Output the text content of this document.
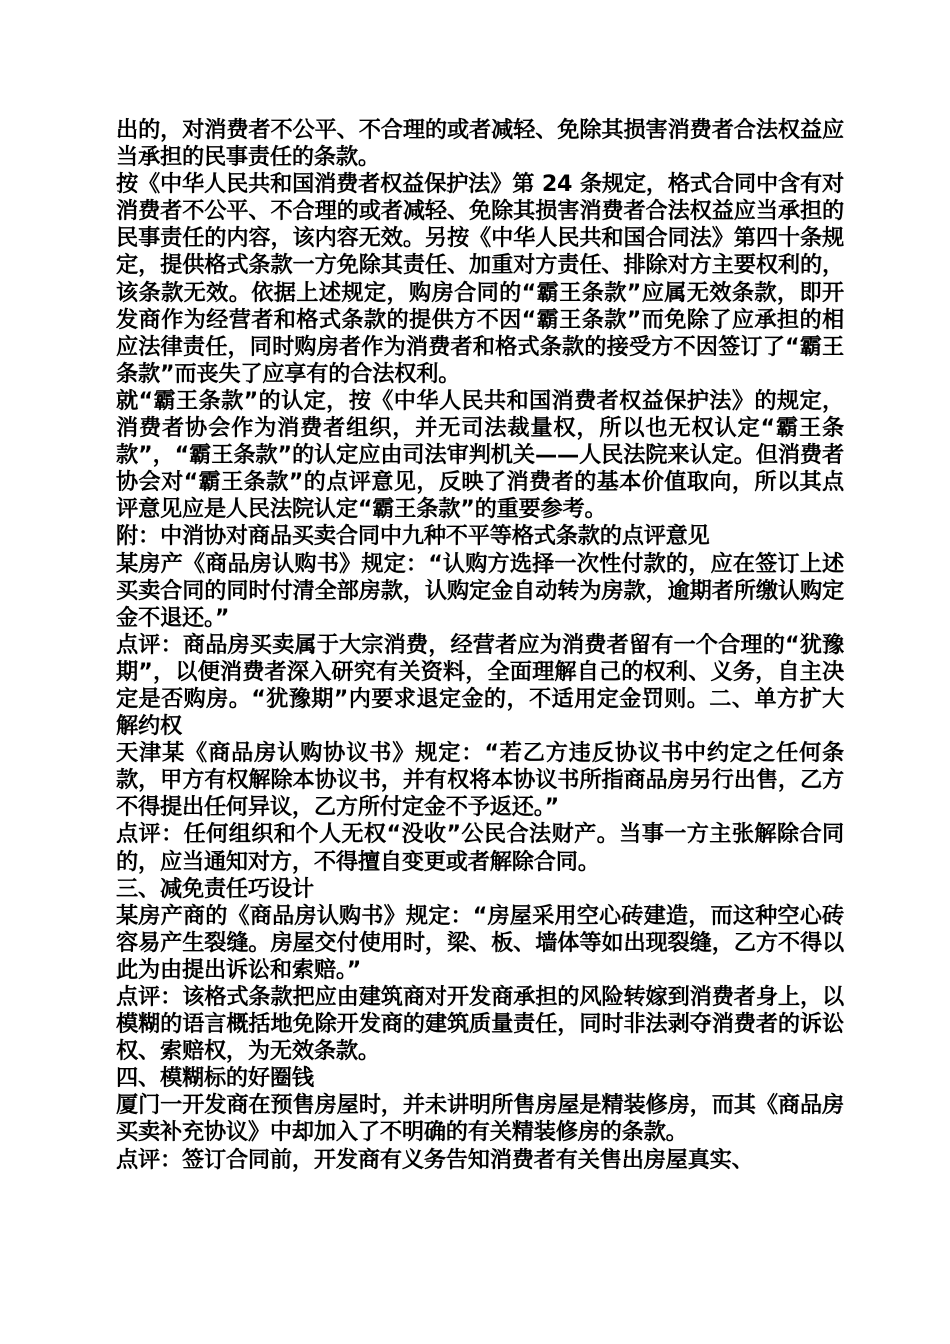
出的，对消费者不公平、不合理的或者减轻、免除其损害消费者合法权益应当承担的民事责任的条款。

按《中华人民共和国消费者权益保护法》第 24 条规定，格式合同中含有对消费者不公平、不合理的或者减轻、免除其损害消费者合法权益应当承担的民事责任的内容，该内容无效。另按《中华人民共和国合同法》第四十条规定，提供格式条款一方免除其责任、加重对方责任、排除对方主要权利的，该条款无效。依据上述规定，购房合同的“霸王条款”应属无效条款，即开发商作为经营者和格式条款的提供方不因“霸王条款”而免除了应承担的相应法律责任，同时购房者作为消费者和格式条款的接受方不因签订了“霸王条款”而丧失了应享有的合法权利。

就“霸王条款”的认定，按《中华人民共和国消费者权益保护法》的规定，消费者协会作为消费者组织，并无司法裁量权，所以也无权认定“霸王条款”，“霸王条款”的认定应由司法审判机关——人民法院来认定。但消费者协会对“霸王条款”的点评意见，反映了消费者的基本价值取向，所以其点评意见应是人民法院认定“霸王条款”的重要参考。

附：中消协对商品买卖合同中九种不平等格式条款的点评意见

某房产《商品房认购书》规定：“认购方选择一次性付款的，应在签订上述买卖合同的同时付清全部房款，认购定金自动转为房款，逾期者所缴认购定金不退还。”

点评：商品房买卖属于大宗消费，经营者应为消费者留有一个合理的“犹豫期”，以便消费者深入研究有关资料，全面理解自己的权利、义务，自主决定是否购房。“犹豫期”内要求退定金的，不适用定金罚则。二、单方扩大解约权

天津某《商品房认购协议书》规定：“若乙方违反协议书中约定之任何条款，甲方有权解除本协议书，并有权将本协议书所指商品房另行出售，乙方不得提出任何异议，乙方所付定金不予返还。”

点评：任何组织和个人无权“没收”公民合法财产。当事一方主张解除合同的，应当通知对方，不得擅自变更或者解除合同。

三、减免责任巧设计

某房产商的《商品房认购书》规定：“房屋采用空心砖建造，而这种空心砖容易产生裂缝。房屋交付使用时，梁、板、墙体等如出现裂缝，乙方不得以此为由提出诉讼和索赔。”

点评：该格式条款把应由建筑商对开发商承担的风险转嫁到消费者身上，以模糊的语言概括地免除开发商的建筑质量责任，同时非法剥夺消费者的诉讼权、索赔权，为无效条款。

四、模糊标的好圈钱

厦门一开发商在预售房屋时，并未讲明所售房屋是精装修房，而其《商品房买卖补充协议》中却加入了不明确的有关精装修房的条款。

点评：签订合同前，开发商有义务告知消费者有关售出房屋真实、
